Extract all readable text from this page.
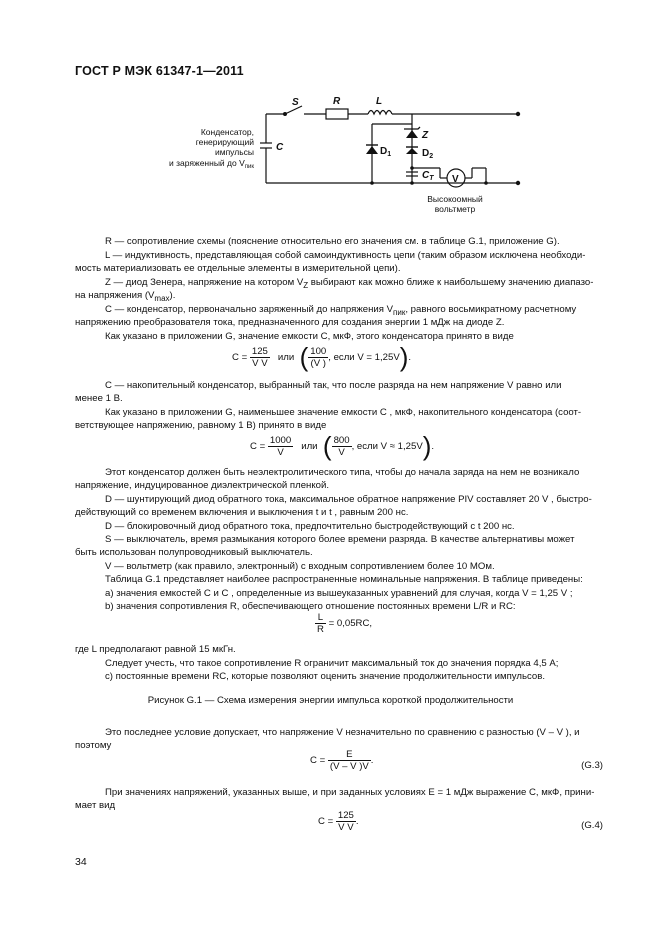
ГОСТ Р МЭК 61347-1—2011
S	R	L
C
Z
$D_1$	$D_2$
$C_T$ V
Конденсатор,
генерирующий
импульсы
и заряженный до $V_{пик}$
Высокоомный
вольтметр
R — сопротивление схемы (пояснение относительно его значения см. в таблице G.1, приложение G).
L — индуктивность, представляющая собой самоиндуктивность цепи (таким образом исключена необходи-
мость материализовать ее отдельные элементы в измерительной цепи).
Z — диод Зенера, напряжение на котором $V_Z$ выбирают как можно ближе к наибольшему значению диапазо-
на напряжения $(V_{max})$.
C — конденсатор, первоначально заряженный до напряжения $V_{пик}$, равного восьмикратному расчетному
напряжению преобразователя тока, предназначенного для создания энергии 1 мДж на диоде Z.
Как указано в приложении G, значение емкости C, мкФ, этого конденсатора принято в виде
$C = \frac{125}{\text{V V}}$ или ( $\frac{100}{(V )}$ , если V = 1,25V).
C — накопительный конденсатор, выбранный так, что после разряда на нем напряжение V равно или
менее 1 В.
Как указано в приложении G, наименьшее значение емкости C , мкФ, накопительного конденсатора (соот-
ветствующее напряжению, равному 1 В) принято в виде
$C = \frac{1000}{V}$ или ( $\frac{800}{V}$ , если V ≈ 1,25V).
Этот конденсатор должен быть неэлектролитического типа, чтобы до начала заряда на нем не возникало
напряжение, индуцированное диэлектрической пленкой.
D — шунтирующий диод обратного тока, максимальное обратное напряжение PIV составляет 20 V , быстро-
действующий со временем включения и выключения t и t , равным 200 нс.
D — блокировочный диод обратного тока, предпочтительно быстродействующий с t 200 нс.
S — выключатель, время размыкания которого более времени разряда. В качестве альтернативы может
быть использован полупроводниковый выключатель.
V — вольтметр (как правило, электронный) с входным сопротивлением более 10 МОм.
Таблица G.1 представляет наиболее распространенные номинальные напряжения. В таблице приведены:
а) значения емкостей C и C , определенные из вышеуказанных уравнений для случая, когда V = 1,25 V ;
b) значения сопротивления R, обеспечивающего отношение постоянных времени L/R и RC:
$\frac{L}{R} = 0,05RC$,
где L предполагают равной 15 мкГн.
Следует учесть, что такое сопротивление R ограничит максимальный ток до значения порядка 4,5 А;
с) постоянные времени RC, которые позволяют оценить значение продолжительности импульсов.
Рисунок G.1 — Схема измерения энергии импульса короткой продолжительности
Это последнее условие допускает, что напряжение V незначительно по сравнению с разностью (V – V ), и
поэтому
$C = \frac{E}{(V - V )V}$ .	(G.3)
При значениях напряжений, указанных выше, и при заданных условиях E = 1 мДж выражение C, мкФ, прини-
мает вид
$C = \frac{125}{\text{V V}}$ .	(G.4)
34
